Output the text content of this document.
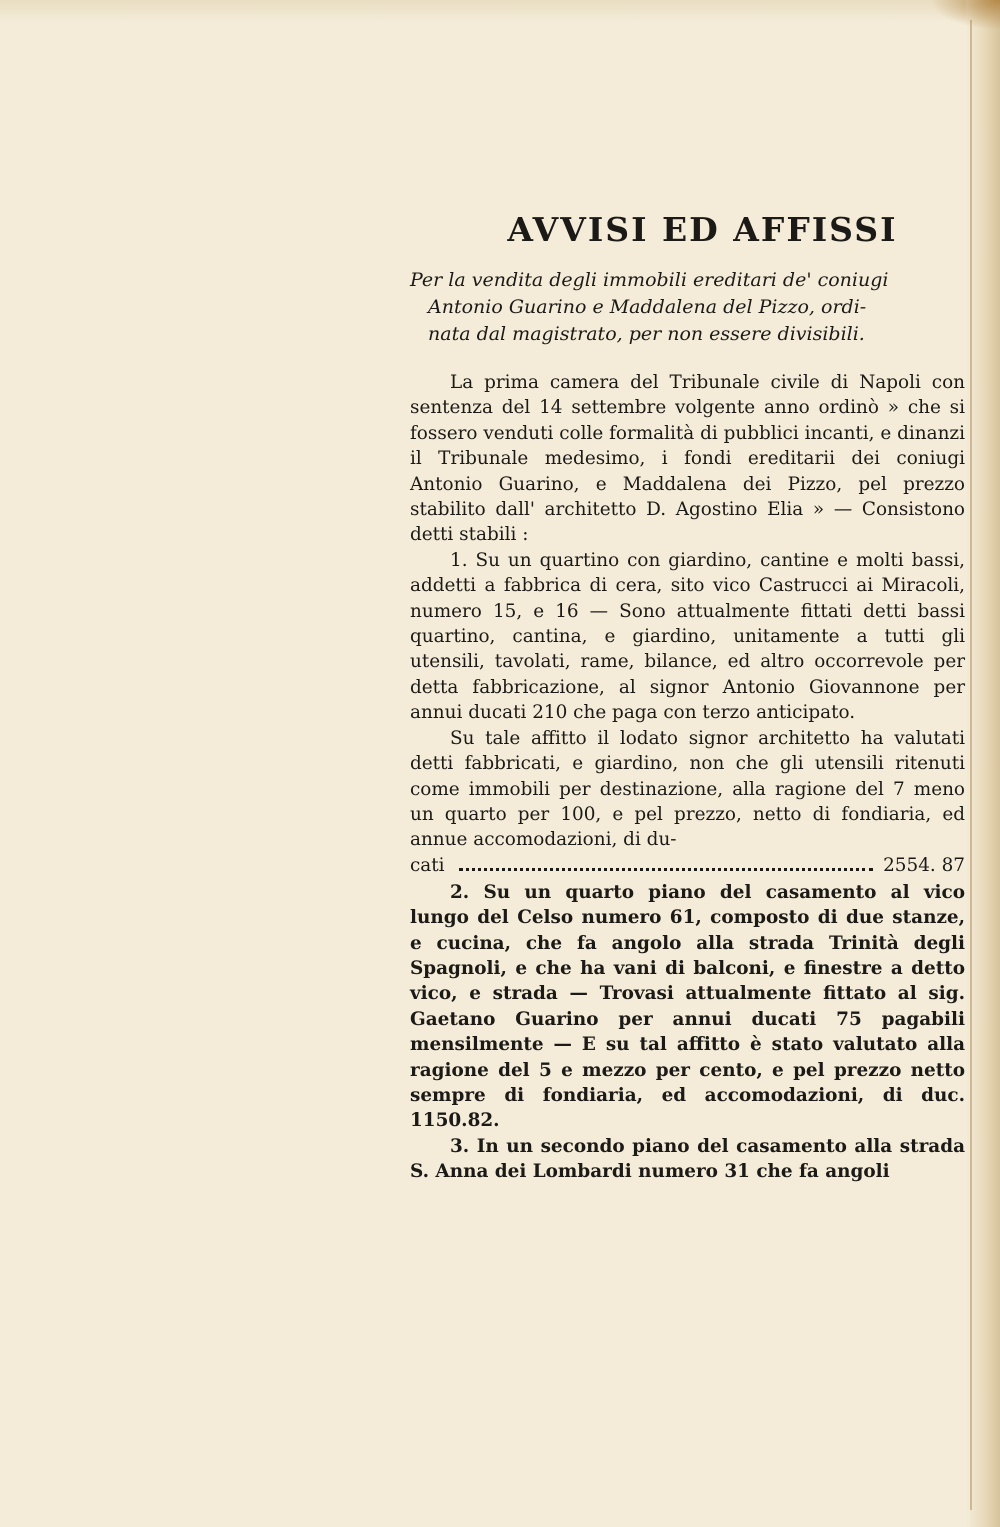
AVVISI ED AFFISSI
Per la vendita degli immobili ereditari de' coniugi
Antonio Guarino e Maddalena del Pizzo, ordi-
nata dal magistrato, per non essere divisibili.

La prima camera del Tribunale civile di Napoli con sentenza del 14 settembre volgente anno ordinò » che si fossero venduti colle formalità di pubblici incanti, e dinanzi il Tribunale medesimo, i fondi ereditarii dei coniugi Antonio Guarino, e Maddalena dei Pizzo, pel prezzo stabilito dall' architetto D. Agostino Elia » — Consistono detti stabili :

1. Su un quartino con giardino, cantine e molti bassi, addetti a fabbrica di cera, sito vico Castrucci ai Miracoli, numero 15, e 16 — Sono attualmente fittati detti bassi quartino, cantina, e giardino, unitamente a tutti gli utensili, tavolati, rame, bilance, ed altro occorrevole per detta fabbricazione, al signor Antonio Giovannone per annui ducati 210 che paga con terzo anticipato.

Su tale affitto il lodato signor architetto ha valutati detti fabbricati, e giardino, non che gli utensili ritenuti come immobili per destinazione, alla ragione del 7 meno un quarto per 100, e pel prezzo, netto di fondiaria, ed annue accomodazioni, di du-

cati	2554. 87

2. Su un quarto piano del casamento al vico lungo del Celso numero 61, composto di due stanze, e cucina, che fa angolo alla strada Trinità degli Spagnoli, e che ha vani di balconi, e finestre a detto vico, e strada — Trovasi attualmente fittato al sig. Gaetano Guarino per annui ducati 75 pagabili mensilmente — E su tal affitto è stato valutato alla ragione del 5 e mezzo per cento, e pel prezzo netto sempre di fondiaria, ed accomodazioni, di duc. 1150.82.

3. In un secondo piano del casamento alla strada S. Anna dei Lombardi numero 31 che fa angoli
